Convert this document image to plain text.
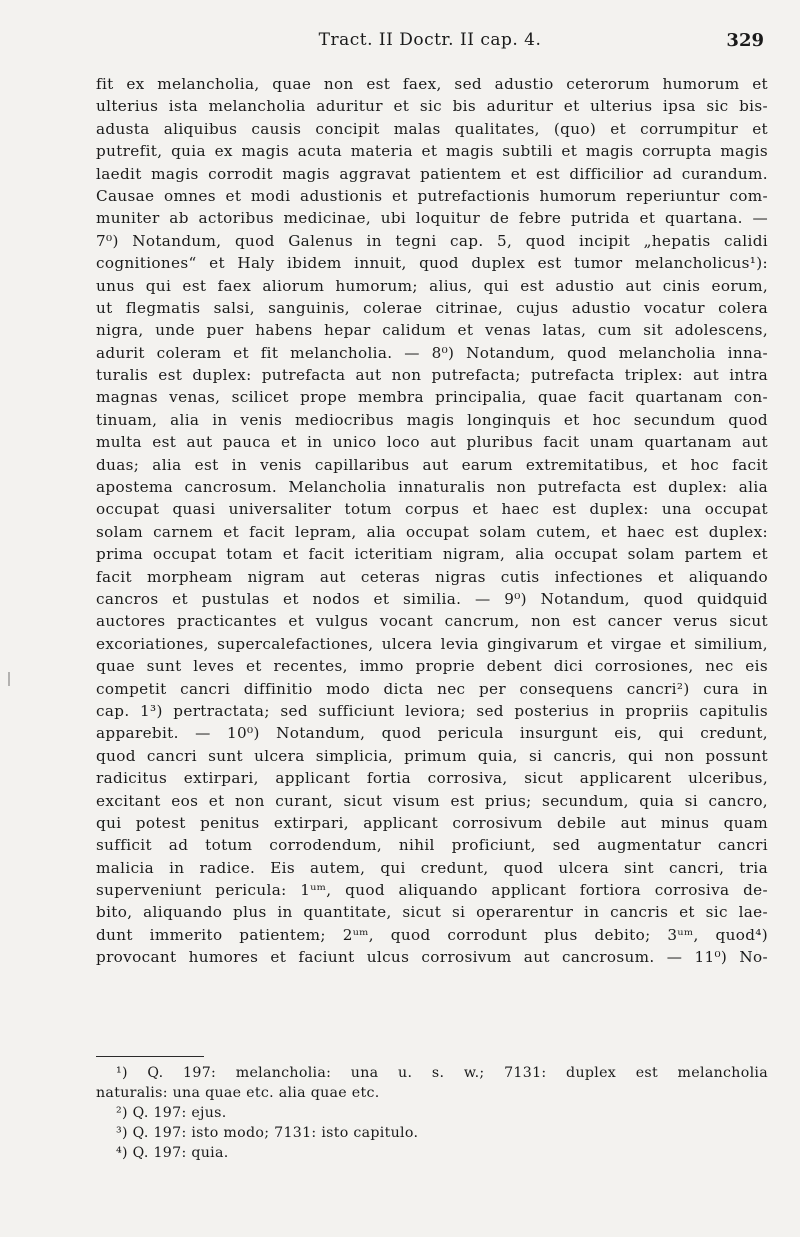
Tract. II Doctr. II cap. 4.	329
fit ex melancholia, quae non est faex, sed adustio ceterorum humorum et
ulterius ista melancholia aduritur et sic bis aduritur et ulterius ipsa sic bis-
adusta aliquibus causis concipit malas qualitates, (quo) et corrumpitur et
putrefit, quia ex magis acuta materia et magis subtili et magis corrupta magis
laedit magis corrodit magis aggravat patientem et est difficilior ad curandum.
Causae omnes et modi adustionis et putrefactionis humorum reperiuntur com-
muniter ab actoribus medicinae, ubi loquitur de febre putrida et quartana. —
7⁰) Notandum, quod Galenus in tegni cap. 5, quod incipit „hepatis calidi
cognitiones“ et Haly ibidem innuit, quod duplex est tumor melancholicus¹):
unus qui est faex aliorum humorum; alius, qui est adustio aut cinis eorum,
ut flegmatis salsi, sanguinis, colerae citrinae, cujus adustio vocatur colera
nigra, unde puer habens hepar calidum et venas latas, cum sit adolescens,
adurit coleram et fit melancholia. — 8⁰) Notandum, quod melancholia inna-
turalis est duplex: putrefacta aut non putrefacta; putrefacta triplex: aut intra
magnas venas, scilicet prope membra principalia, quae facit quartanam con-
tinuam, alia in venis mediocribus magis longinquis et hoc secundum quod
multa est aut pauca et in unico loco aut pluribus facit unam quartanam aut
duas; alia est in venis capillaribus aut earum extremitatibus, et hoc facit
apostema cancrosum. Melancholia innaturalis non putrefacta est duplex: alia
occupat quasi universaliter totum corpus et haec est duplex: una occupat
solam carnem et facit lepram, alia occupat solam cutem, et haec est duplex:
prima occupat totam et facit icteritiam nigram, alia occupat solam partem et
facit morpheam nigram aut ceteras nigras cutis infectiones et aliquando
cancros et pustulas et nodos et similia. — 9⁰) Notandum, quod quidquid
auctores practicantes et vulgus vocant cancrum, non est cancer verus sicut
excoriationes, supercalefactiones, ulcera levia gingivarum et virgae et similium,
quae sunt leves et recentes, immo proprie debent dici corrosiones, nec eis
competit cancri diffinitio modo dicta nec per consequens cancri²) cura in
cap. 1³) pertractata; sed sufficiunt leviora; sed posterius in propriis capitulis
apparebit. — 10⁰) Notandum, quod pericula insurgunt eis, qui credunt,
quod cancri sunt ulcera simplicia, primum quia, si cancris, qui non possunt
radicitus extirpari, applicant fortia corrosiva, sicut applicarent ulceribus,
excitant eos et non curant, sicut visum est prius; secundum, quia si cancro,
qui potest penitus extirpari, applicant corrosivum debile aut minus quam
sufficit ad totum corrodendum, nihil proficiunt, sed augmentatur cancri
malicia in radice. Eis autem, qui credunt, quod ulcera sint cancri, tria
superveniunt pericula: 1ᵘᵐ, quod aliquando applicant fortiora corrosiva de-
bito, aliquando plus in quantitate, sicut si operarentur in cancris et sic lae-
dunt immerito patientem; 2ᵘᵐ, quod corrodunt plus debito; 3ᵘᵐ, quod⁴)
provocant humores et faciunt ulcus corrosivum aut cancrosum. — 11⁰) No-
¹) Q. 197: melancholia: una u. s. w.; 7131: duplex est melancholia
naturalis: una quae etc. alia quae etc.
²) Q. 197: ejus.
³) Q. 197: isto modo; 7131: isto capitulo.
⁴) Q. 197: quia.
